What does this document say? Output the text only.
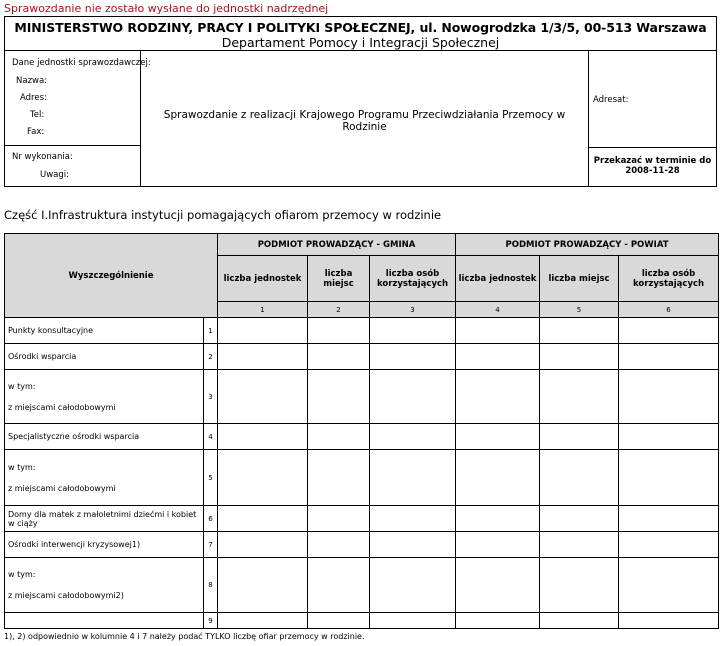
Sprawozdanie nie zostało wysłane do jednostki nadrzędnej
MINISTERSTWO RODZINY, PRACY I POLITYKI SPOŁECZNEJ, ul. Nowogrodzka 1/3/5, 00-513 Warszawa
Departament Pomocy i Integracji Społecznej
Dane jednostki sprawozdawczej:
Nazwa:
Adres:
Tel:
Fax:
Nr wykonania:
Uwagi:
Sprawozdanie z realizacji Krajowego Programu Przeciwdziałania Przemocy w Rodzinie
Adresat:
Przekazać w terminie do
2008-11-28
Część I.Infrastruktura instytucji pomagających ofiarom przemocy w rodzinie
Wyszczególnienie		PODMIOT PROWADZĄCY - GMINA			PODMIOT PROWADZĄCY - POWIAT		
		liczba jednostek	liczba miejsc	liczba osób korzystających	liczba jednostek	liczba miejsc	liczba osób korzystających
		1	2	3	4	5	6
Punkty konsultacyjne	1						
Ośrodki wsparcia	2						

w tym:
z miejscami całodobowymi	3						
Specjalistyczne ośrodki wsparcia	4						

w tym:
z miejscami całodobowymi	5						
Domy dla matek z małoletnimi dziećmi i kobiet w ciąży	6						
Ośrodki interwencji kryzysowej1)	7						

w tym:
z miejscami całodobowymi2)	8						
	9						
1), 2) odpowiednio w kolumnie 4 i 7 należy podać TYLKO liczbę ofiar przemocy w rodzinie.
